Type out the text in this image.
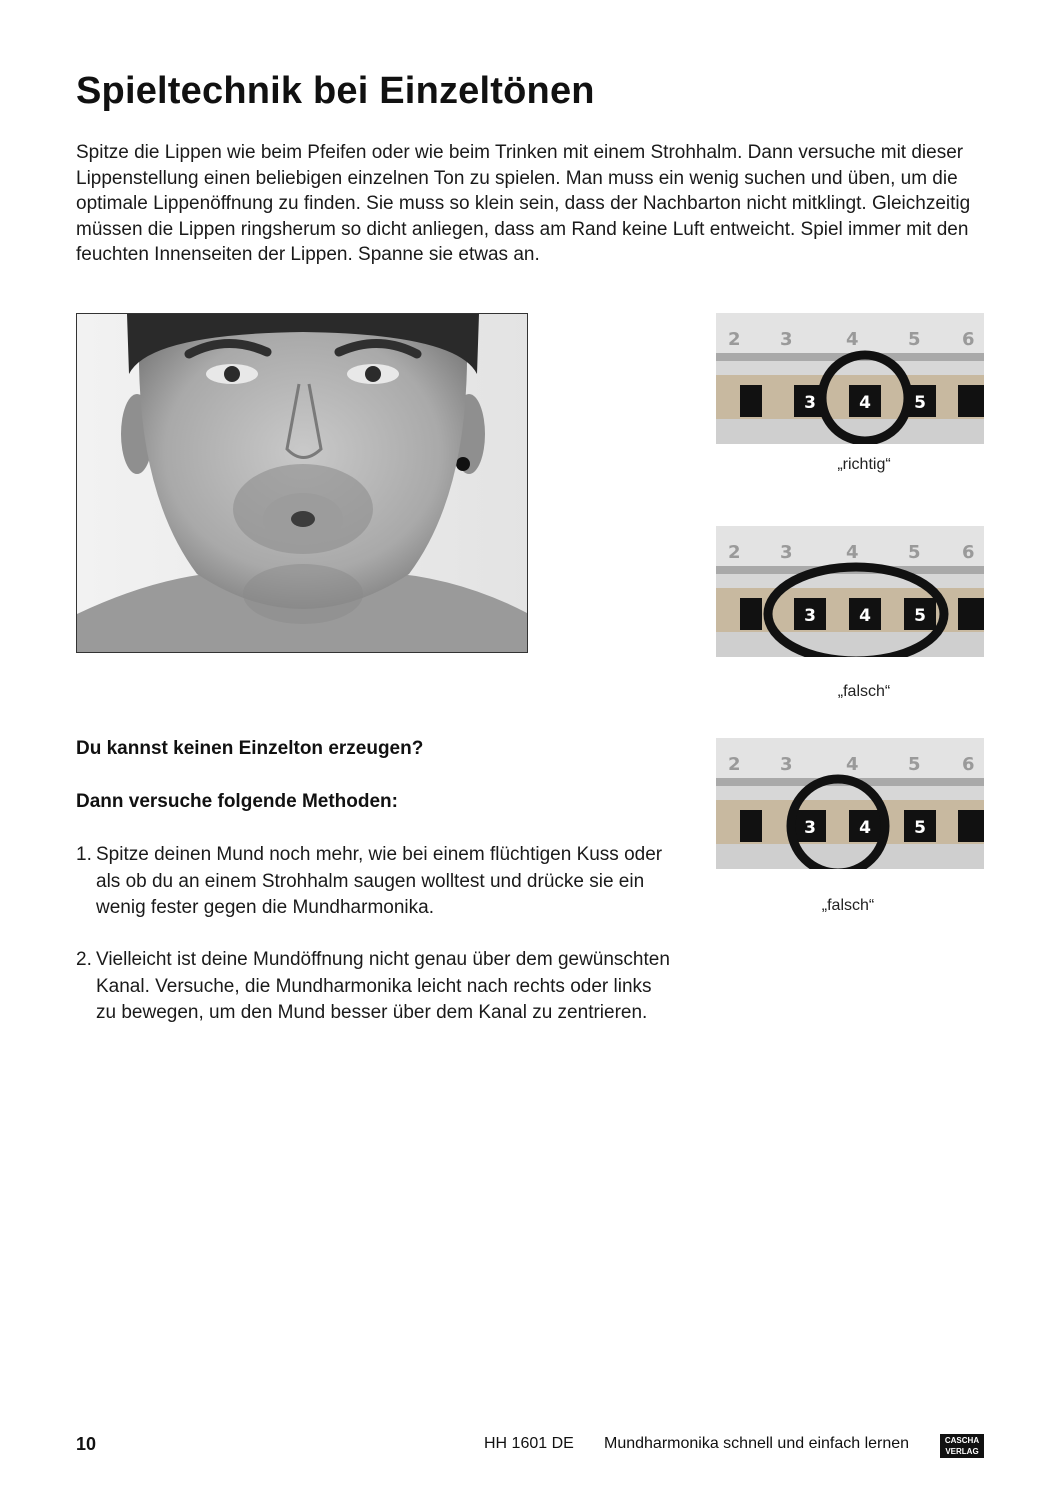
Spieltechnik bei Einzeltönen

Spitze die Lippen wie beim Pfeifen oder wie beim Trinken mit einem Strohhalm. Dann versuche mit dieser Lippenstellung einen beliebigen einzelnen Ton zu spielen. Man muss ein wenig suchen und üben, um die optimale Lippenöffnung zu finden. Sie muss so klein sein, dass der Nachbarton nicht mitklingt. Gleichzeitig müssen die Lippen ringsherum so dicht anliegen, dass am Rand keine Luft entweicht. Spiel immer mit den feuchten Innenseiten der Lippen. Spanne sie etwas an.

2 3	4	5 6
3	4	5
„richtig“
2 3	4	5 6
3	4	5
„falsch“
2 3	4	5 6
3	4	5
„falsch“

Du kannst keinen Einzelton erzeugen?

Dann versuche folgende Methoden:

1. Spitze deinen Mund noch mehr, wie bei einem flüchtigen Kuss oder als ob du an einem Strohhalm saugen wolltest und drücke sie ein wenig fester gegen die Mundharmonika.

2. Vielleicht ist deine Mundöffnung nicht genau über dem gewünschten Kanal. Versuche, die Mundharmonika leicht nach rechts oder links zu bewegen, um den Mund besser über dem Kanal zu zentrieren.

10	HH 1601 DE Mundharmonika schnell und einfach lernen	CASCHA
VERLAG
